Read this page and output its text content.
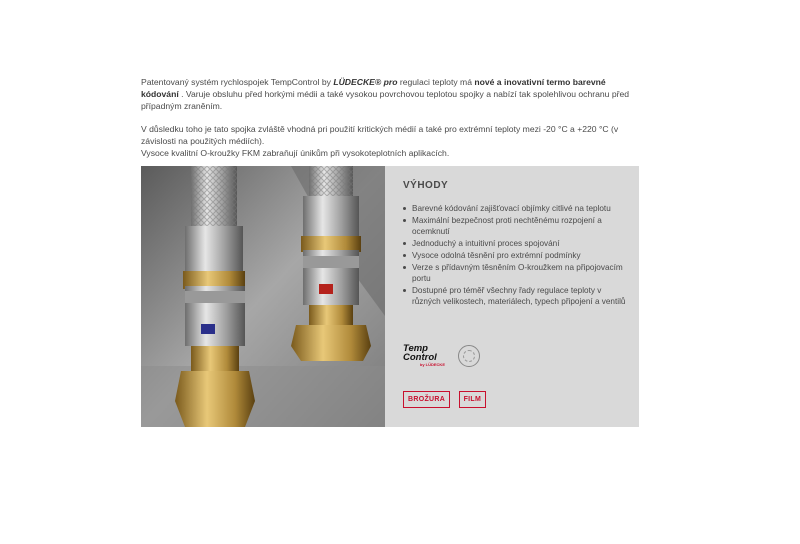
Patentovaný systém rychlospojek TempControl by LÜDECKE® pro regulaci teploty má nové a inovativní termo barevné kódování . Varuje obsluhu před horkými médii a také vysokou povrchovou teplotou spojky a nabízí tak spolehlivou ochranu před případným zraněním.

V důsledku toho je tato spojka zvláště vhodná pri použití kritických médií a také pro extrémní teploty mezi -20 °C a +220 °C (v závislosti na použitých médiích).

Vysoce kvalitní O-kroužky FKM zabraňují únikům při vysokoteplotních aplikacích.

VÝHODY
Barevné kódování zajišťovací objímky citlivé na teplotu
Maximální bezpečnost proti nechtěnému rozpojení a ocemknutí
Jednoduchý a intuitivní proces spojování
Vysoce odolná těsnění pro extrémní podmínky
Verze s přídavným těsněním O-kroužkem na připojovacím portu
Dostupné pro téměř všechny řady regulace teploty v různých velikostech, materiálech, typech připojení a ventilů
Temp
Control
by LÜDECKE
BROŽURA	FILM
